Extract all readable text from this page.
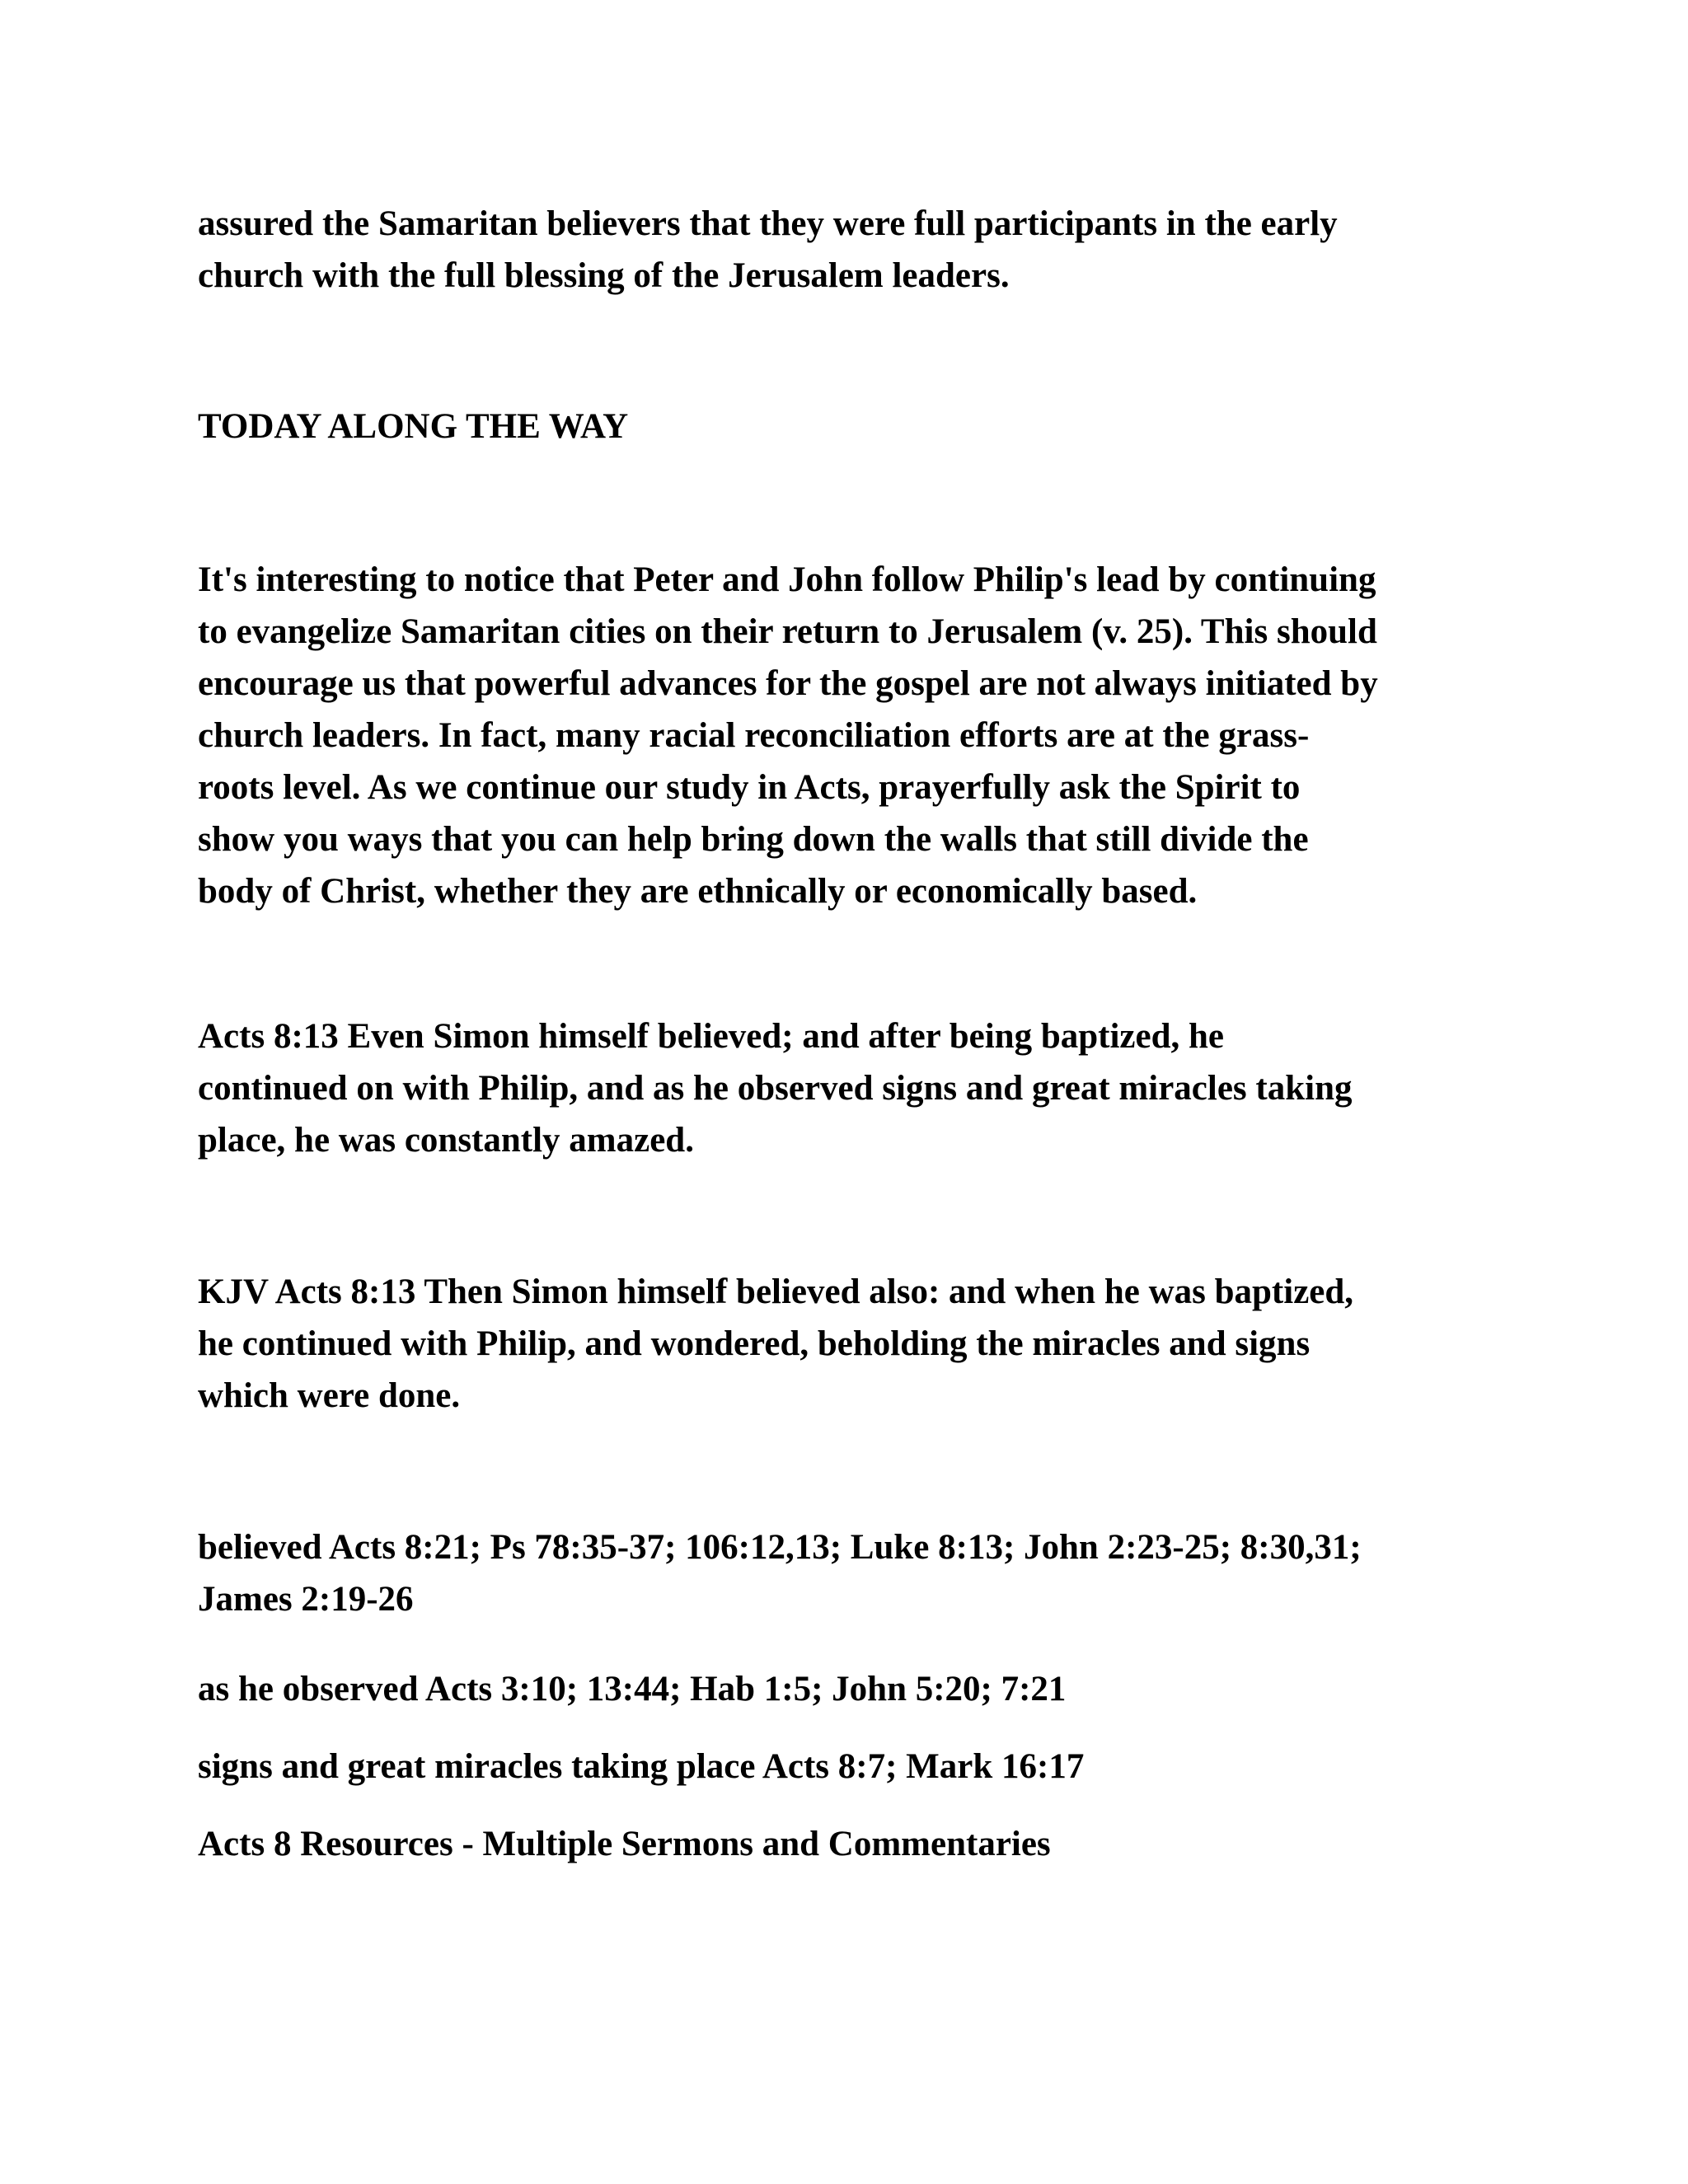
assured the Samaritan believers that they were full participants in the early
church with the full blessing of the Jerusalem leaders.

TODAY ALONG THE WAY

It's interesting to notice that Peter and John follow Philip's lead by continuing
to evangelize Samaritan cities on their return to Jerusalem (v. 25). This should
encourage us that powerful advances for the gospel are not always initiated by
church leaders. In fact, many racial reconciliation efforts are at the grass-
roots level. As we continue our study in Acts, prayerfully ask the Spirit to
show you ways that you can help bring down the walls that still divide the
body of Christ, whether they are ethnically or economically based.

Acts 8:13 Even Simon himself believed; and after being baptized, he
continued on with Philip, and as he observed signs and great miracles taking
place, he was constantly amazed.

KJV Acts 8:13 Then Simon himself believed also: and when he was baptized,
he continued with Philip, and wondered, beholding the miracles and signs
which were done.

believed Acts 8:21; Ps 78:35-37; 106:12,13; Luke 8:13; John 2:23-25; 8:30,31;
James 2:19-26

as he observed Acts 3:10; 13:44; Hab 1:5; John 5:20; 7:21

signs and great miracles taking place Acts 8:7; Mark 16:17

Acts 8 Resources - Multiple Sermons and Commentaries
